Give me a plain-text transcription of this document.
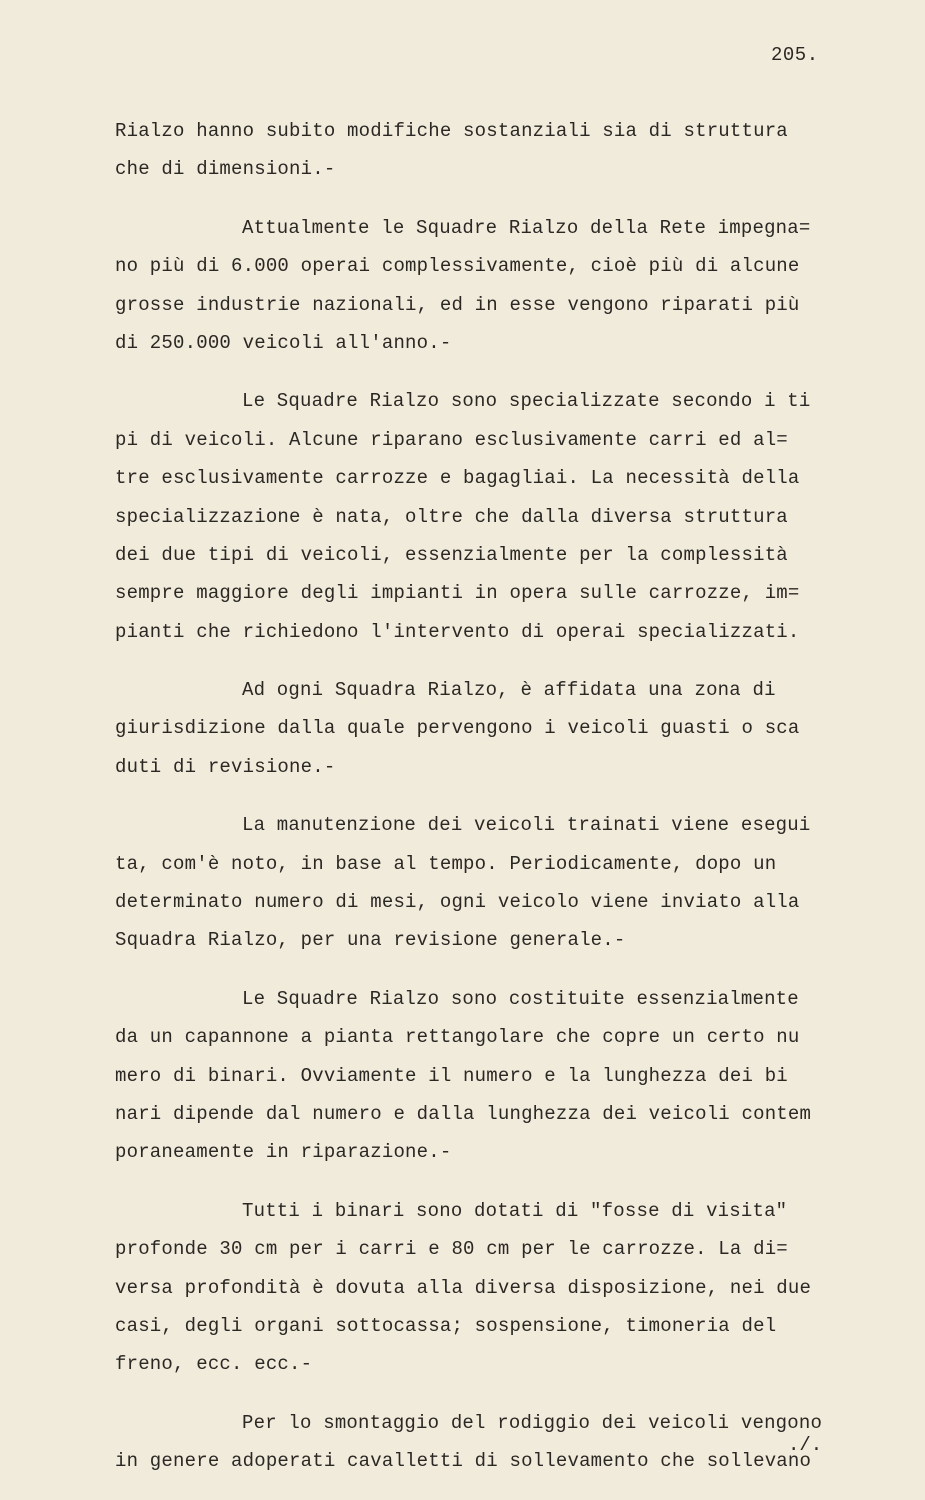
205.
Rialzo hanno subito modifiche sostanziali sia di struttura
che di dimensioni.-
Attualmente le Squadre Rialzo della Rete impegna=
no più di 6.000 operai complessivamente, cioè più di alcune
grosse industrie nazionali, ed in esse vengono riparati più
di 250.000 veicoli all'anno.-
Le Squadre Rialzo sono specializzate secondo i ti
pi di veicoli. Alcune riparano esclusivamente carri ed al=
tre esclusivamente carrozze e bagagliai. La necessità della
specializzazione è nata, oltre che dalla diversa struttura
dei due tipi di veicoli, essenzialmente per la complessità
sempre maggiore degli impianti in opera sulle carrozze, im=
pianti che richiedono l'intervento di operai specializzati.
Ad ogni Squadra Rialzo, è affidata una zona di
giurisdizione dalla quale pervengono i veicoli guasti o sca
duti di revisione.-
La manutenzione dei veicoli trainati viene esegui
ta, com'è noto, in base al tempo. Periodicamente, dopo un
determinato numero di mesi, ogni veicolo viene inviato alla
Squadra Rialzo, per una revisione generale.-
Le Squadre Rialzo sono costituite essenzialmente
da un capannone a pianta rettangolare che copre un certo nu
mero di binari. Ovviamente il numero e la lunghezza dei bi
nari dipende dal numero e dalla lunghezza dei veicoli contem
poraneamente in riparazione.-
Tutti i binari sono dotati di "fosse di visita"
profonde 30 cm per i carri e 80 cm per le carrozze. La di=
versa profondità è dovuta alla diversa disposizione, nei due
casi, degli organi sottocassa; sospensione, timoneria del
freno, ecc. ecc.-
Per lo smontaggio del rodiggio dei veicoli vengono
in genere adoperati cavalletti di sollevamento che sollevano
./.
